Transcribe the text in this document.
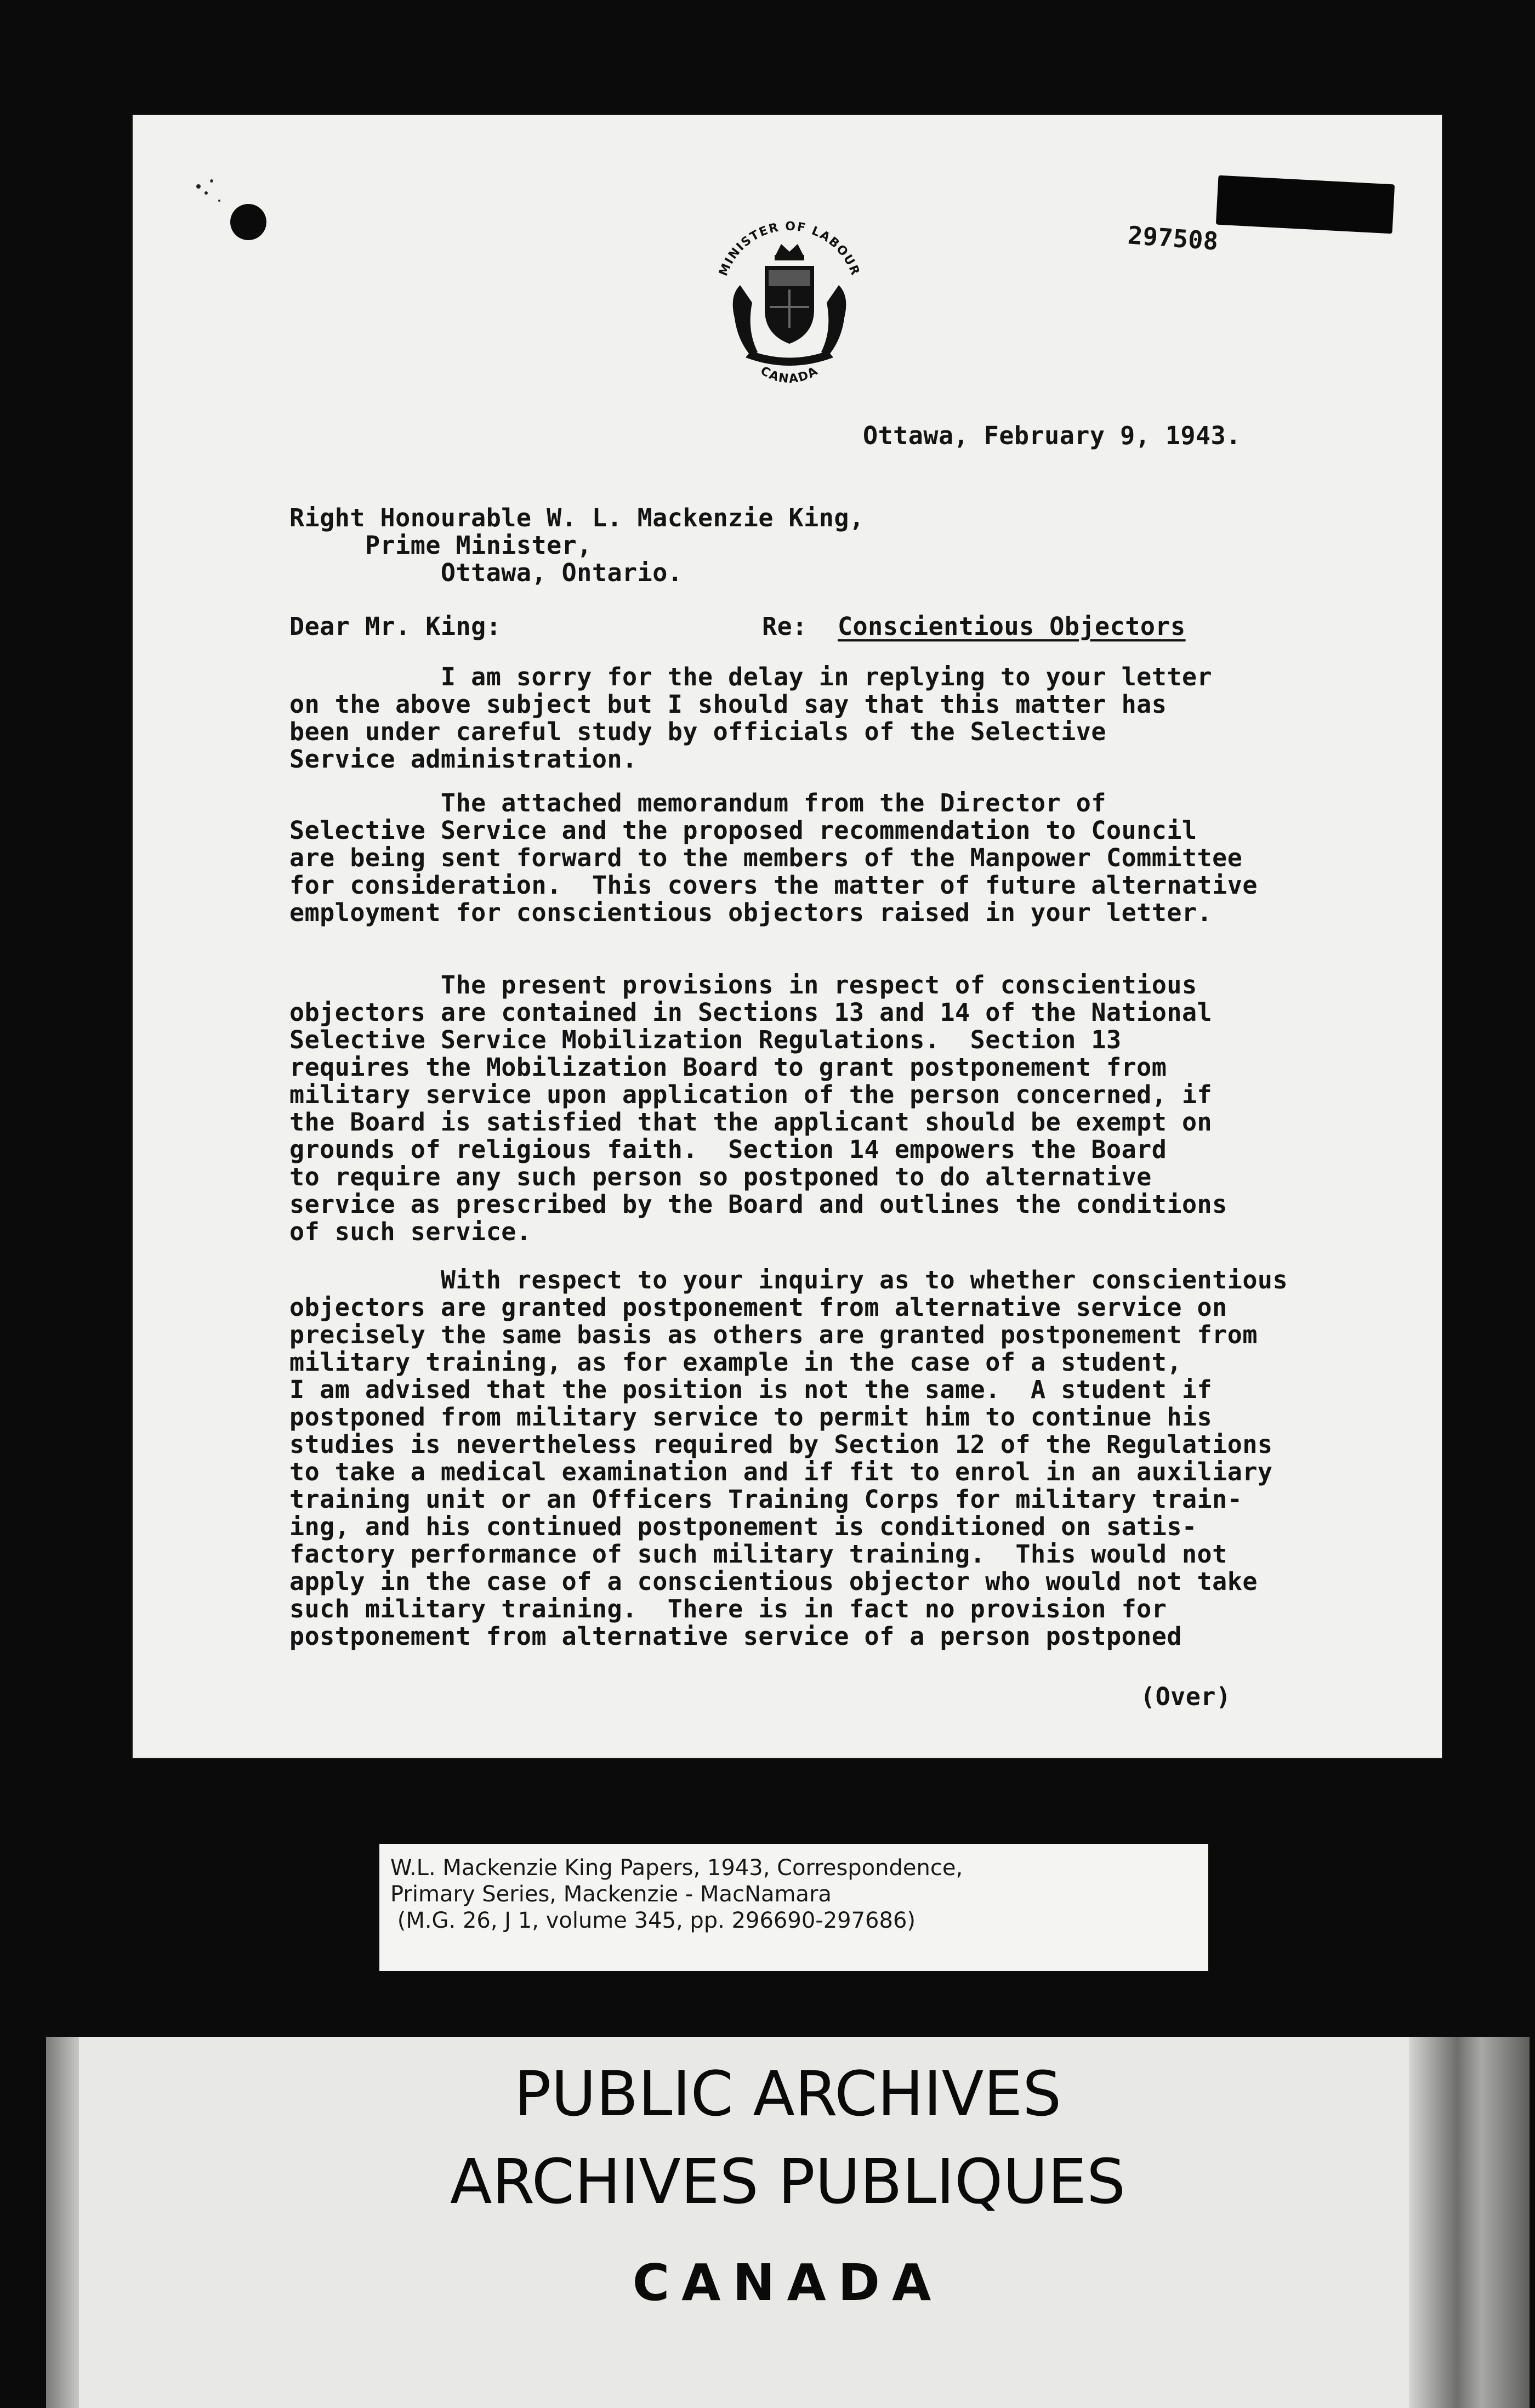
297508
MINISTER OF LABOUR
CANADA
Ottawa, February 9, 1943.
Right Honourable W. L. Mackenzie King,
Prime Minister,
Ottawa, Ontario.
Dear Mr. King:	Re: Conscientious Objectors
I am sorry for the delay in replying to your letter
on the above subject but I should say that this matter has
been under careful study by officials of the Selective
Service administration.
The attached memorandum from the Director of
Selective Service and the proposed recommendation to Council
are being sent forward to the members of the Manpower Committee
for consideration.  This covers the matter of future alternative
employment for conscientious objectors raised in your letter.
The present provisions in respect of conscientious
objectors are contained in Sections 13 and 14 of the National
Selective Service Mobilization Regulations.  Section 13
requires the Mobilization Board to grant postponement from
military service upon application of the person concerned, if
the Board is satisfied that the applicant should be exempt on
grounds of religious faith.  Section 14 empowers the Board
to require any such person so postponed to do alternative
service as prescribed by the Board and outlines the conditions
of such service.
With respect to your inquiry as to whether conscientious
objectors are granted postponement from alternative service on
precisely the same basis as others are granted postponement from
military training, as for example in the case of a student,
I am advised that the position is not the same.  A student if
postponed from military service to permit him to continue his
studies is nevertheless required by Section 12 of the Regulations
to take a medical examination and if fit to enrol in an auxiliary
training unit or an Officers Training Corps for military train-
ing, and his continued postponement is conditioned on satis-
factory performance of such military training.  This would not
apply in the case of a conscientious objector who would not take
such military training.  There is in fact no provision for
postponement from alternative service of a person postponed
(Over)
W.L. Mackenzie King Papers, 1943, Correspondence,
Primary Series, Mackenzie - MacNamara
(M.G. 26, J 1, volume 345, pp. 296690-297686)
PUBLIC ARCHIVES
ARCHIVES PUBLIQUES
CANADA
